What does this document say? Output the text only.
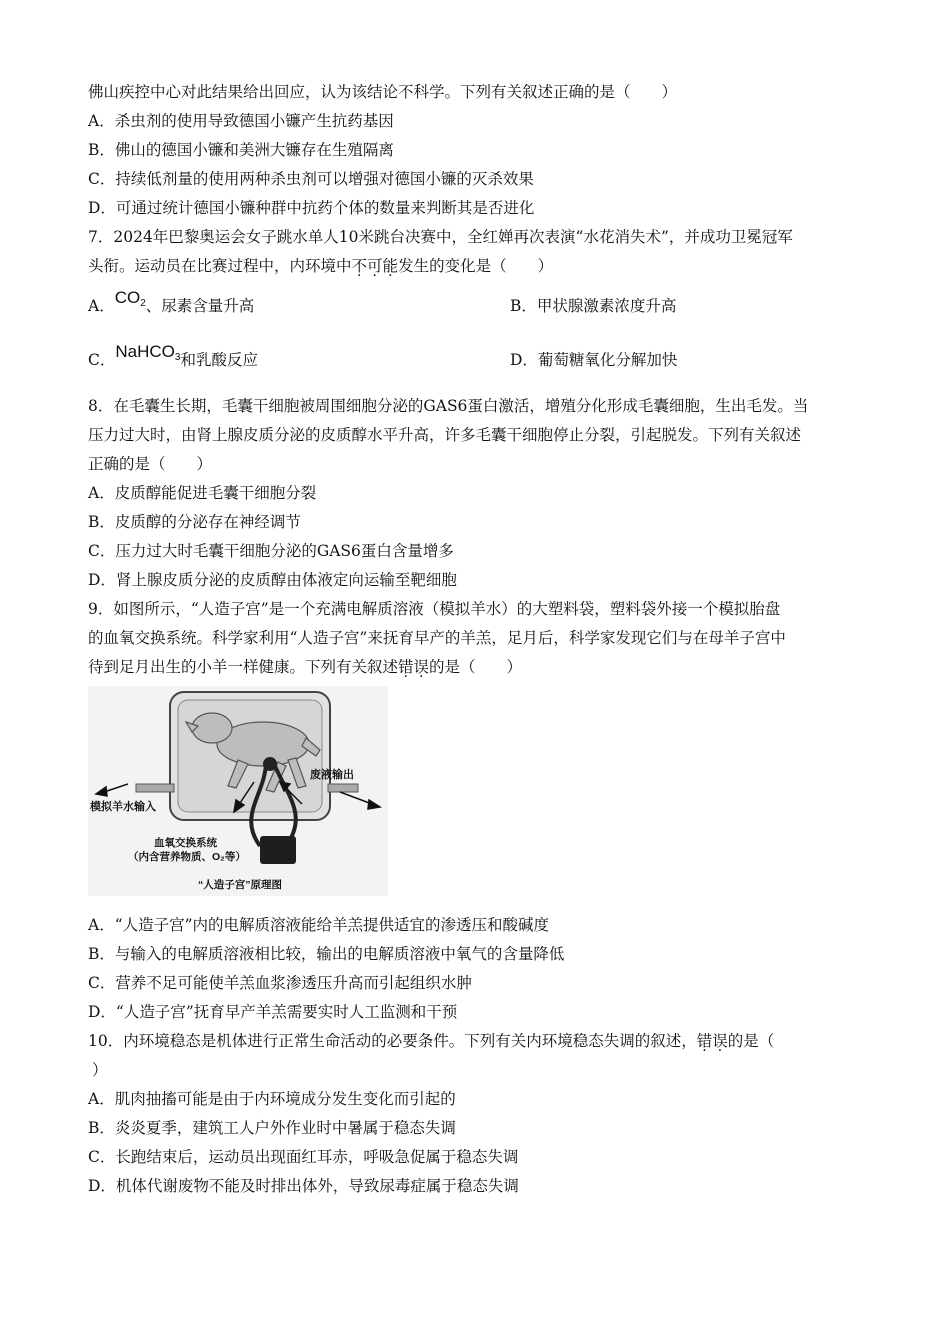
佛山疾控中心对此结果给出回应，认为该结论不科学。下列有关叙述正确的是（　　）
A．杀虫剂的使用导致德国小镰产生抗药基因
B．佛山的德国小镰和美洲大镰存在生殖隔离
C．持续低剂量的使用两种杀虫剂可以增强对德国小镰的灭杀效果
D．可通过统计德国小镰种群中抗药个体的数量来判断其是否进化
7．2024年巴黎奥运会女子跳水单人10米跳台决赛中，全红婵再次表演“水花消失术”，并成功卫冕冠军
头衔。运动员在比赛过程中，内环境中不可能发生的变化是（　　）
A．CO2、尿素含量升高	B．甲状腺激素浓度升高
C．NaHCO3和乳酸反应	D．葡萄糖氧化分解加快
8．在毛囊生长期，毛囊干细胞被周围细胞分泌的GAS6蛋白激活，增殖分化形成毛囊细胞，生出毛发。当
压力过大时，由肾上腺皮质分泌的皮质醇水平升高，许多毛囊干细胞停止分裂，引起脱发。下列有关叙述
正确的是（　　）
A．皮质醇能促进毛囊干细胞分裂
B．皮质醇的分泌存在神经调节
C．压力过大时毛囊干细胞分泌的GAS6蛋白含量增多
D．肾上腺皮质分泌的皮质醇由体液定向运输至靶细胞
9．如图所示，“人造子宫”是一个充满电解质溶液（模拟羊水）的大塑料袋，塑料袋外接一个模拟胎盘
的血氧交换系统。科学家利用“人造子宫”来抚育早产的羊羔，足月后，科学家发现它们与在母羊子宫中
待到足月出生的小羊一样健康。下列有关叙述错误的是（　　）
废液输出
模拟羊水输入
血氧交换系统
（内含营养物质、O₂等）
“人造子宫”原理图
A．“人造子宫”内的电解质溶液能给羊羔提供适宜的渗透压和酸碱度
B．与输入的电解质溶液相比较，输出的电解质溶液中氧气的含量降低
C．营养不足可能使羊羔血浆渗透压升高而引起组织水肿
D．“人造子宫”抚育早产羊羔需要实时人工监测和干预
10．内环境稳态是机体进行正常生命活动的必要条件。下列有关内环境稳态失调的叙述，错误的是（
）
A．肌肉抽搐可能是由于内环境成分发生变化而引起的
B．炎炎夏季，建筑工人户外作业时中暑属于稳态失调
C．长跑结束后，运动员出现面红耳赤，呼吸急促属于稳态失调
D．机体代谢废物不能及时排出体外，导致尿毒症属于稳态失调
